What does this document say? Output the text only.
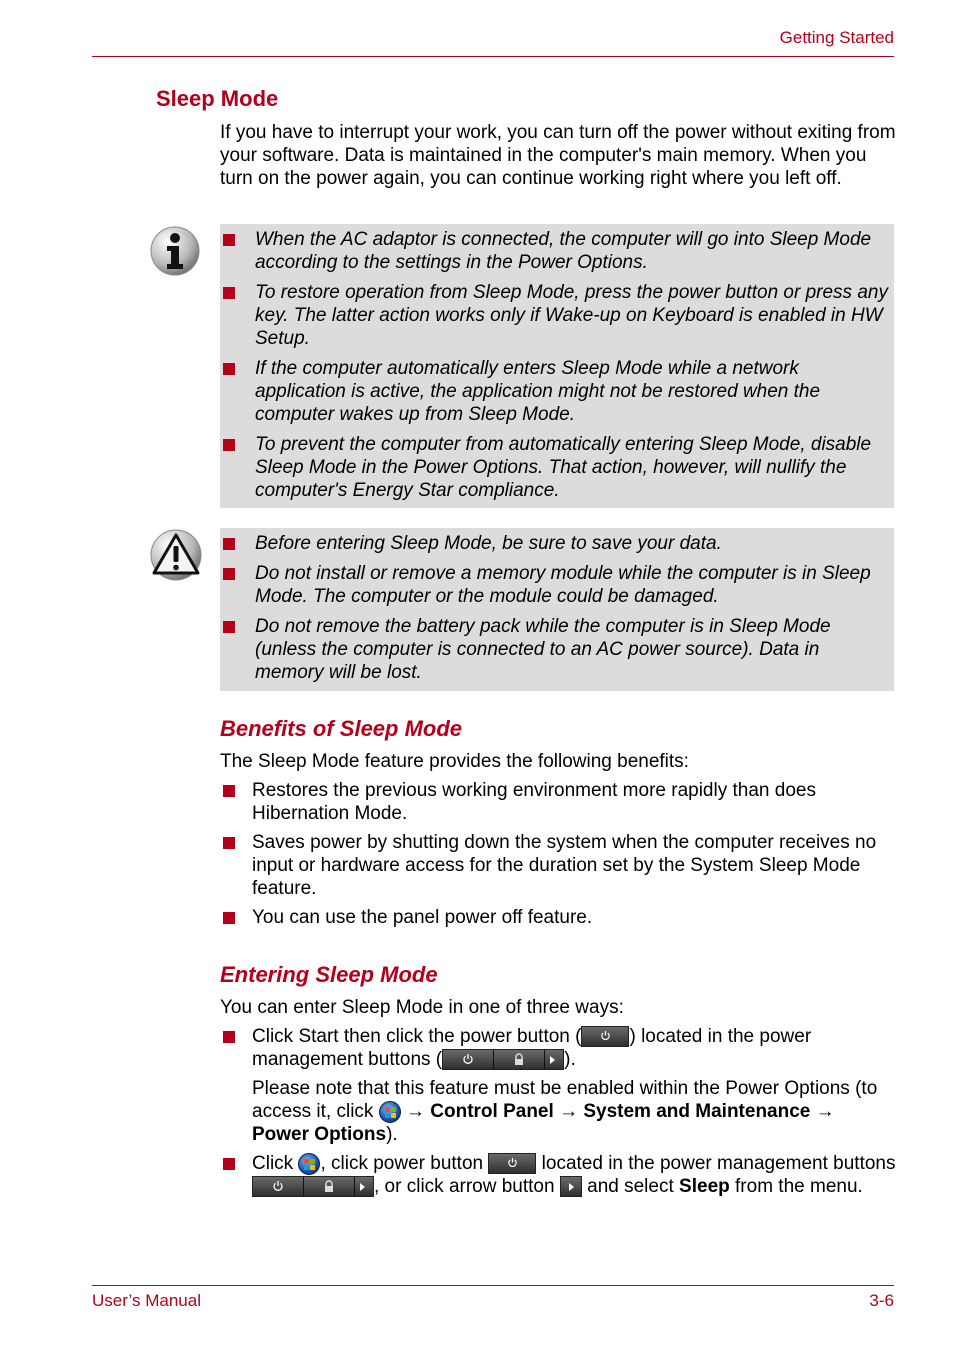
Getting Started
Sleep Mode

If you have to interrupt your work, you can turn off the power without exiting from your software. Data is maintained in the computer's main memory. When you turn on the power again, you can continue working right where you left off.

When the AC adaptor is connected, the computer will go into Sleep Mode according to the settings in the Power Options.
To restore operation from Sleep Mode, press the power button or press any key. The latter action works only if Wake-up on Keyboard is enabled in HW Setup.
If the computer automatically enters Sleep Mode while a network application is active, the application might not be restored when the computer wakes up from Sleep Mode.
To prevent the computer from automatically entering Sleep Mode, disable Sleep Mode in the Power Options. That action, however, will nullify the computer's Energy Star compliance.
Before entering Sleep Mode, be sure to save your data.
Do not install or remove a memory module while the computer is in Sleep Mode. The computer or the module could be damaged.
Do not remove the battery pack while the computer is in Sleep Mode (unless the computer is connected to an AC power source). Data in memory will be lost.
Benefits of Sleep Mode

The Sleep Mode feature provides the following benefits:

Restores the previous working environment more rapidly than does Hibernation Mode.
Saves power by shutting down the system when the computer receives no input or hardware access for the duration set by the System Sleep Mode feature.
You can use the panel power off feature.
Entering Sleep Mode

You can enter Sleep Mode in one of three ways:

Click Start then click the power button (	) located in the power management buttons (	).
Please note that this feature must be enabled within the Power Options (to access it, click → Control Panel → System and Maintenance → Power Options).
Click , click power button	located in the power management buttons
, or click arrow button and select Sleep from the menu.
User’s Manual	3-6
